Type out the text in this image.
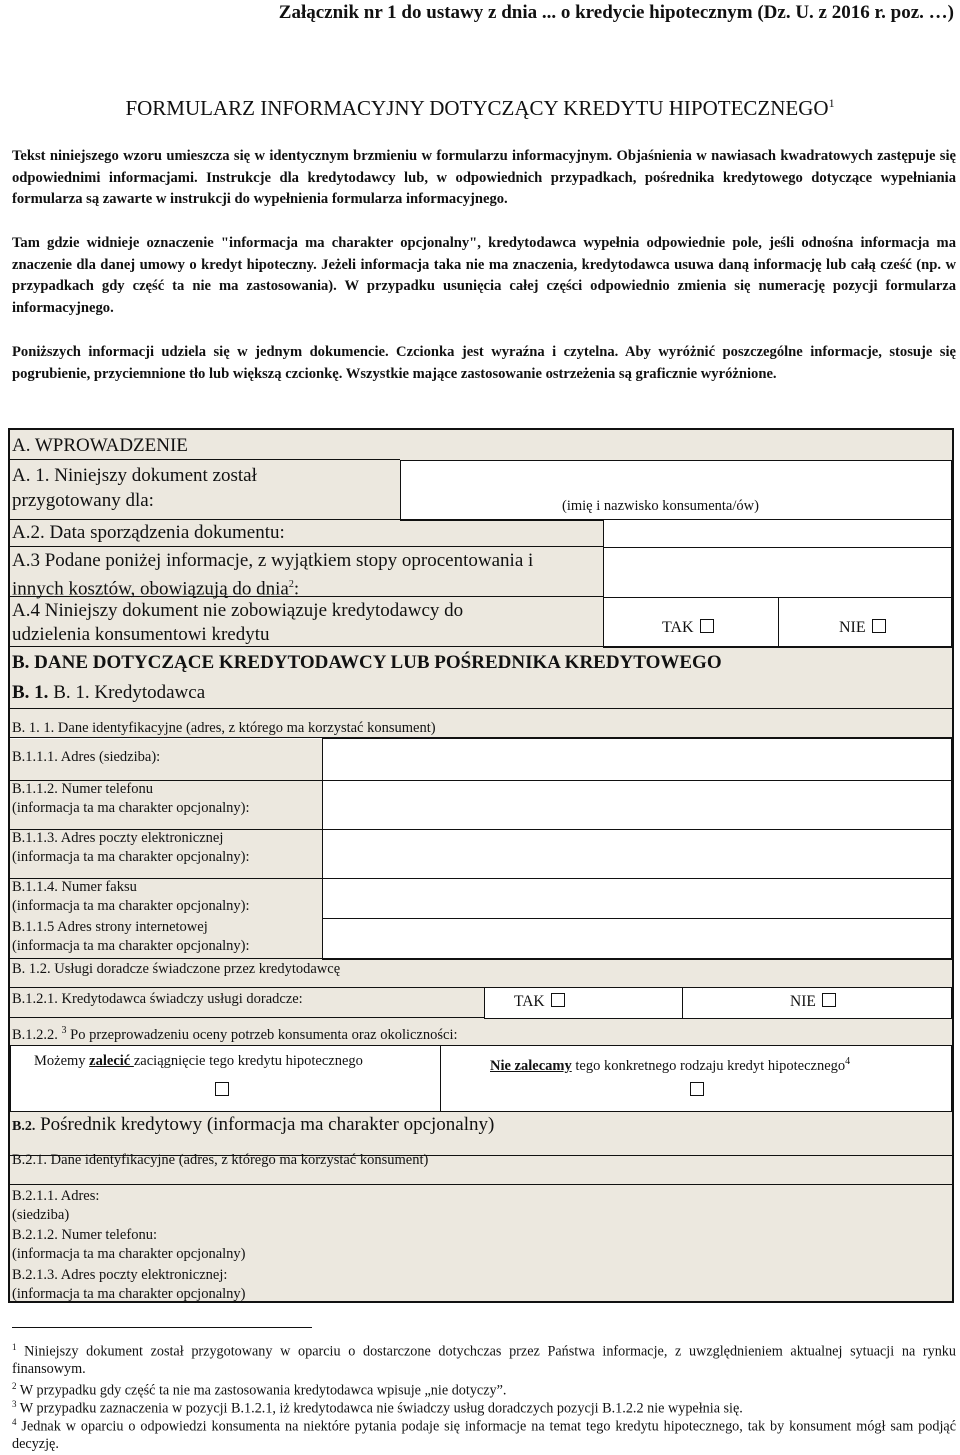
Załącznik nr 1 do ustawy z dnia ... o kredycie hipotecznym (Dz. U. z 2016 r. poz. …)
FORMULARZ INFORMACYJNY DOTYCZĄCY KREDYTU HIPOTECZNEGO$^1$
Tekst niniejszego wzoru umieszcza się w identycznym brzmieniu w formularzu informacyjnym. Objaśnienia w nawiasach kwadratowych zastępuje się odpowiednimi informacjami. Instrukcje dla kredytodawcy lub, w odpowiednich przypadkach, pośrednika kredytowego dotyczące wypełniania formularza są zawarte w instrukcji do wypełnienia formularza informacyjnego.
Tam gdzie widnieje oznaczenie "informacja ma charakter opcjonalny", kredytodawca wypełnia odpowiednie pole, jeśli odnośna informacja ma znaczenie dla danej umowy o kredyt hipoteczny. Jeżeli informacja taka nie ma znaczenia, kredytodawca usuwa daną informację lub całą cześć (np. w przypadkach gdy część ta nie ma zastosowania). W przypadku usunięcia całej części odpowiednio zmienia się numerację pozycji formularza informacyjnego.
Poniższych informacji udziela się w jednym dokumencie. Czcionka jest wyraźna i czytelna. Aby wyróżnić poszczególne informacje, stosuje się pogrubienie, przyciemnione tło lub większą czcionkę. Wszystkie mające zastosowanie ostrzeżenia są graficznie wyróżnione.
A. WPROWADZENIE
A. 1. Niniejszy dokument został
przygotowany dla:	(imię i nazwisko konsumenta/ów)
A.2. Data sporządzenia dokumentu:
A.3 Podane poniżej informacje, z wyjątkiem stopy oprocentowania i
innych kosztów, obowiązują do dnia$^2$:
A.4 Niniejszy dokument nie zobowiązuje kredytodawcy do
udzielenia konsumentowi kredytu	TAK	NIE
B. DANE DOTYCZĄCE KREDYTODAWCY LUB POŚREDNIKA KREDYTOWEGO
B. 1. B. 1. Kredytodawca
B. 1. 1. Dane identyfikacyjne (adres, z którego ma korzystać konsument)
B.1.1.1. Adres (siedziba):
B.1.1.2. Numer telefonu
(informacja ta ma charakter opcjonalny):
B.1.1.3. Adres poczty elektronicznej
(informacja ta ma charakter opcjonalny):
B.1.1.4. Numer faksu
(informacja ta ma charakter opcjonalny):
B.1.1.5 Adres strony internetowej
(informacja ta ma charakter opcjonalny):
B. 1.2. Usługi doradcze świadczone przez kredytodawcę
B.1.2.1. Kredytodawca świadczy usługi doradcze:	TAK	NIE
B.1.2.2. $^3$ Po przeprowadzeniu oceny potrzeb konsumenta oraz okoliczności:
Możemy zalecić zaciągnięcie tego kredytu hipotecznego	Nie zalecamy tego konkretnego rodzaju kredyt hipotecznego$^4$
B.2. Pośrednik kredytowy (informacja ma charakter opcjonalny)
B.2.1. Dane identyfikacyjne (adres, z którego ma korzystać konsument)
B.2.1.1. Adres:
(siedziba)
B.2.1.2. Numer telefonu:
(informacja ta ma charakter opcjonalny)
B.2.1.3. Adres poczty elektronicznej:
(informacja ta ma charakter opcjonalny)
$^1$ Niniejszy dokument został przygotowany w oparciu o dostarczone dotychczas przez Państwa informacje, z uwzględnieniem aktualnej sytuacji na rynku finansowym.
$^2$ W przypadku gdy część ta nie ma zastosowania kredytodawca wpisuje „nie dotyczy”.
$^3$ W przypadku zaznaczenia w pozycji B.1.2.1, iż kredytodawca nie świadczy usług doradczych pozycji B.1.2.2 nie wypełnia się.
$^4$ Jednak w oparciu o odpowiedzi konsumenta na niektóre pytania podaje się informacje na temat tego kredytu hipotecznego, tak by konsument mógł sam podjąć decyzję.
